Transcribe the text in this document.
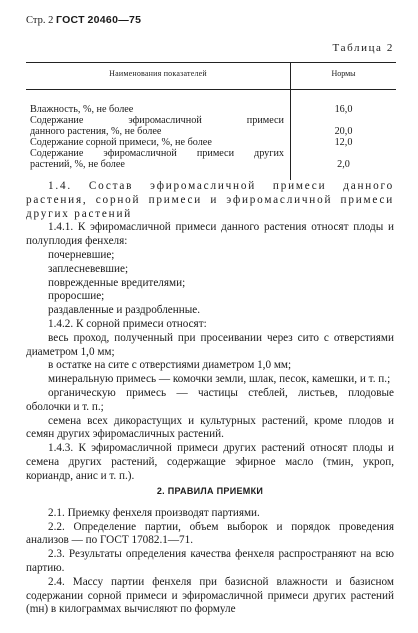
Стр. 2 ГОСТ 20460—75
Таблица 2
Наименования показателей	Нормы
Влажность, %, не более
Содержание эфиромасличной примеси
данного растения, %, не более
Содержание сорной примеси, %, не более
Содержание эфиромасличной примеси других
растений, %, не более
16,0
20,0
12,0
2,0

1.4. Состав эфиромасличной примеси данного растения, сорной примеси и эфиромасличной примеси других растений

1.4.1. К эфиромасличной примеси данного растения относят плоды и полуплодия фенхеля:

почерневшие;

заплесневевшие;

поврежденные вредителями;

проросшие;

раздавленные и раздробленные.

1.4.2. К сорной примеси относят:

весь проход, полученный при просеивании через сито с отверстиями диаметром 1,0 мм;

в остатке на сите с отверстиями диаметром 1,0 мм;

минеральную примесь — комочки земли, шлак, песок, камешки, и т. п.;

органическую примесь — частицы стеблей, листьев, плодовые оболочки и т. п.;

семена всех дикорастущих и культурных растений, кроме плодов и семян других эфиромасличных растений.

1.4.3. К эфиромасличной примеси других растений относят плоды и семена других растений, содержащие эфирное масло (тмин, укроп, кориандр, анис и т. п.).

2. ПРАВИЛА ПРИЕМКИ

2.1. Приемку фенхеля производят партиями.

2.2. Определение партии, объем выборок и порядок проведения анализов — по ГОСТ 17082.1—71.

2.3. Результаты определения качества фенхеля распространяют на всю партию.

2.4. Массу партии фенхеля при базисной влажности и базисном содержании сорной примеси и эфиромасличной примеси других растений (mн) в килограммах вычисляют по формуле
